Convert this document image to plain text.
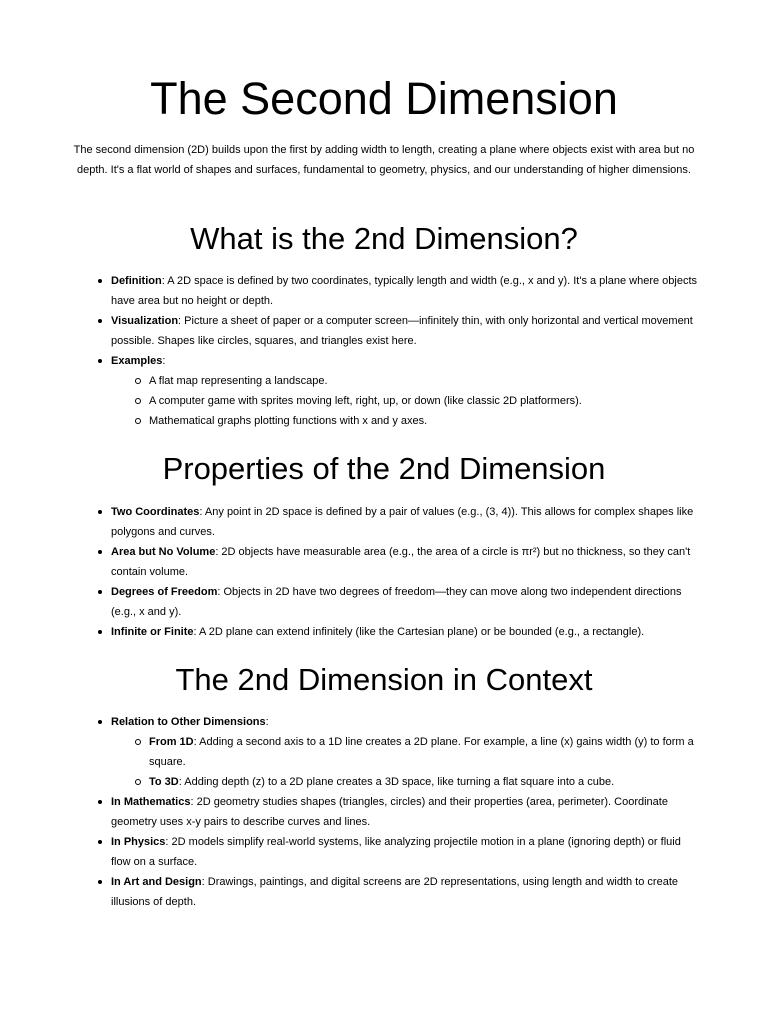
The Second Dimension

The second dimension (2D) builds upon the first by adding width to length, creating a plane where objects exist with area but no depth. It's a flat world of shapes and surfaces, fundamental to geometry, physics, and our understanding of higher dimensions.

What is the 2nd Dimension?
Definition: A 2D space is defined by two coordinates, typically length and width (e.g., x and y). It's a plane where objects have area but no height or depth.
Visualization: Picture a sheet of paper or a computer screen—infinitely thin, with only horizontal and vertical movement possible. Shapes like circles, squares, and triangles exist here.
Examples:
A flat map representing a landscape.
A computer game with sprites moving left, right, up, or down (like classic 2D platformers).
Mathematical graphs plotting functions with x and y axes.
Properties of the 2nd Dimension
Two Coordinates: Any point in 2D space is defined by a pair of values (e.g., (3, 4)). This allows for complex shapes like polygons and curves.
Area but No Volume: 2D objects have measurable area (e.g., the area of a circle is πr²) but no thickness, so they can't contain volume.
Degrees of Freedom: Objects in 2D have two degrees of freedom—they can move along two independent directions (e.g., x and y).
Infinite or Finite: A 2D plane can extend infinitely (like the Cartesian plane) or be bounded (e.g., a rectangle).
The 2nd Dimension in Context
Relation to Other Dimensions:
From 1D: Adding a second axis to a 1D line creates a 2D plane. For example, a line (x) gains width (y) to form a square.
To 3D: Adding depth (z) to a 2D plane creates a 3D space, like turning a flat square into a cube.
In Mathematics: 2D geometry studies shapes (triangles, circles) and their properties (area, perimeter). Coordinate geometry uses x-y pairs to describe curves and lines.
In Physics: 2D models simplify real-world systems, like analyzing projectile motion in a plane (ignoring depth) or fluid flow on a surface.
In Art and Design: Drawings, paintings, and digital screens are 2D representations, using length and width to create illusions of depth.
